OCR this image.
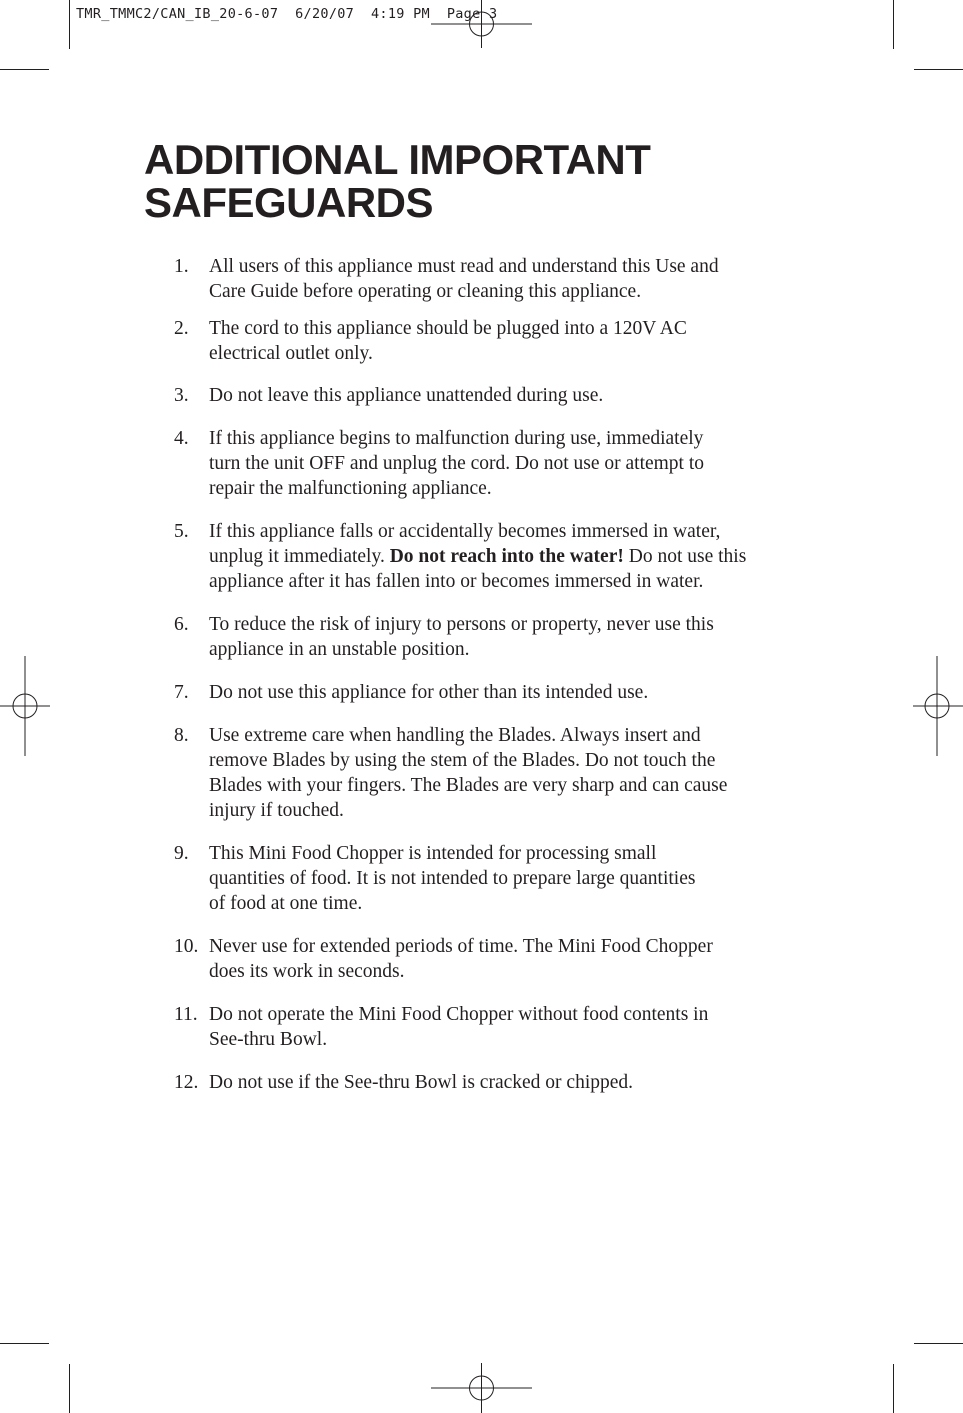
TMR_TMMC2/CAN_IB_20-6-07  6/20/07  4:19 PM  Page 3
ADDITIONAL IMPORTANT
SAFEGUARDS
1. All users of this appliance must read and understand this Use and
Care Guide before operating or cleaning this appliance.
2. The cord to this appliance should be plugged into a 120V AC
electrical outlet only.
3. Do not leave this appliance unattended during use.
4. If this appliance begins to malfunction during use, immediately
turn the unit OFF and unplug the cord. Do not use or attempt to
repair the malfunctioning appliance.
5. If this appliance falls or accidentally becomes immersed in water,
unplug it immediately. Do not reach into the water! Do not use this
appliance after it has fallen into or becomes immersed in water.
6. To reduce the risk of injury to persons or property, never use this
appliance in an unstable position.
7. Do not use this appliance for other than its intended use.
8. Use extreme care when handling the Blades. Always insert and
remove Blades by using the stem of the Blades. Do not touch the
Blades with your fingers. The Blades are very sharp and can cause
injury if touched.
9. This Mini Food Chopper is intended for processing small
quantities of food. It is not intended to prepare large quantities
of food at one time.
10. Never use for extended periods of time. The Mini Food Chopper
does its work in seconds.
11. Do not operate the Mini Food Chopper without food contents in
See-thru Bowl.
12. Do not use if the See-thru Bowl is cracked or chipped.
